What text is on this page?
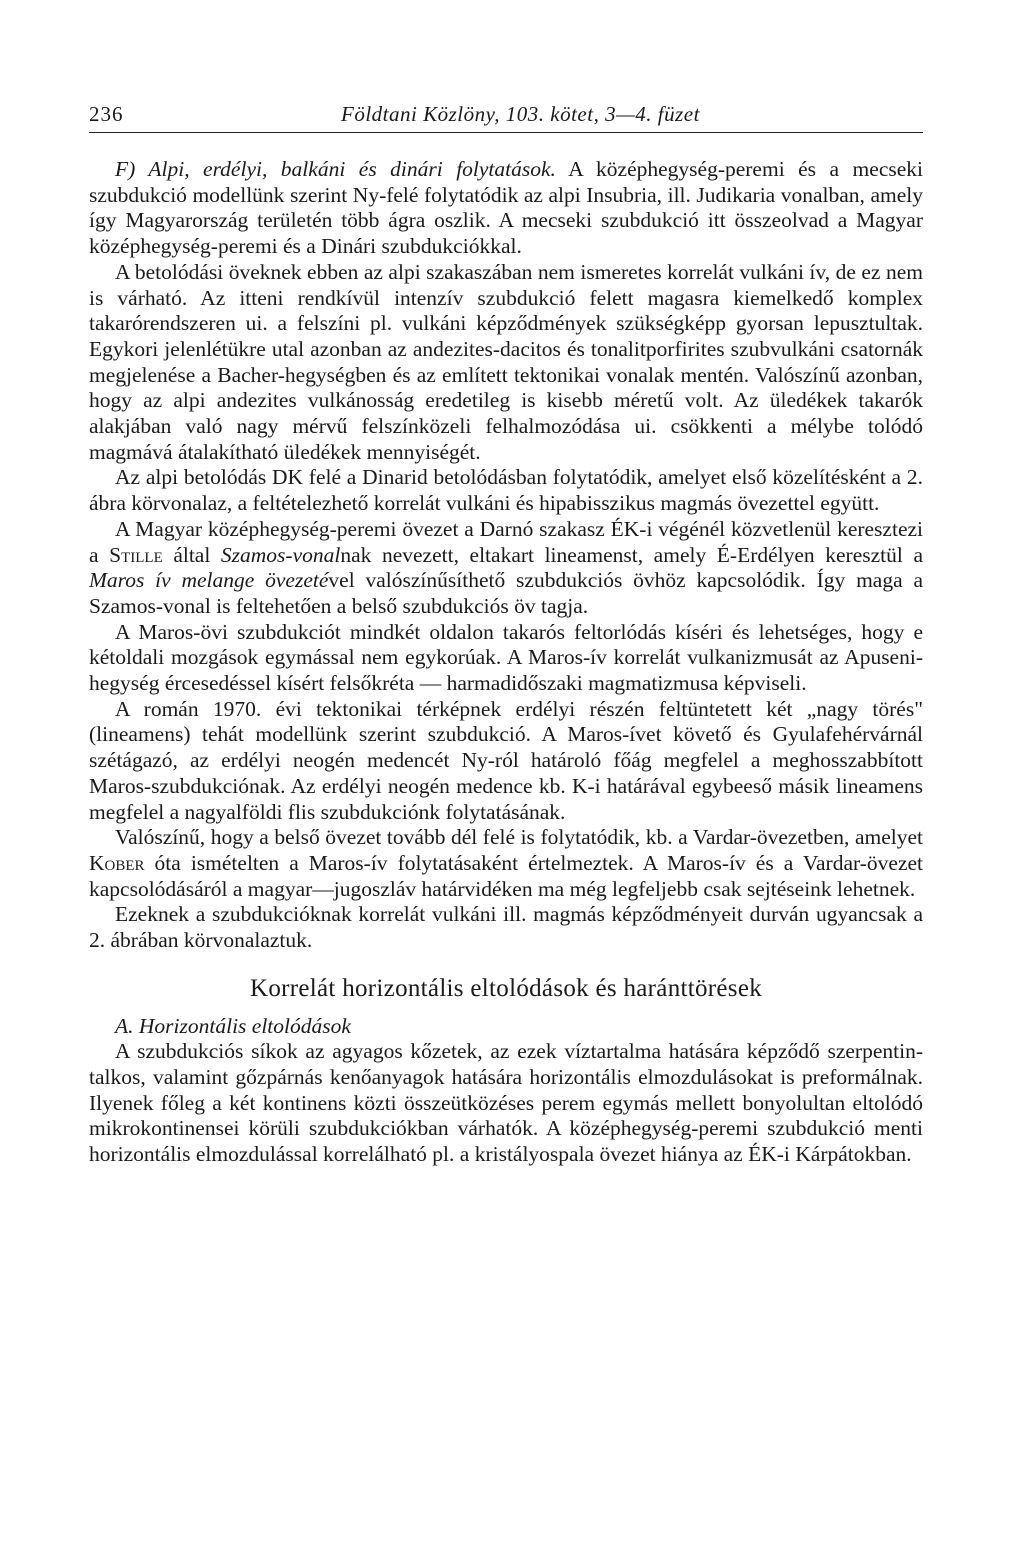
236	Földtani Közlöny, 103. kötet, 3—4. füzet

F) Alpi, erdélyi, balkáni és dinári folytatások. A középhegység-peremi és a mecseki szubdukció modellünk szerint Ny-felé folytatódik az alpi Insubria, ill. Judikaria vonalban, amely így Magyarország területén több ágra oszlik. A mecseki szubdukció itt összeolvad a Magyar középhegység-peremi és a Dinári szubdukciókkal.

A betolódási öveknek ebben az alpi szakaszában nem ismeretes korrelát vulkáni ív, de ez nem is várható. Az itteni rendkívül intenzív szubdukció felett magasra kiemelkedő komplex takarórendszeren ui. a felszíni pl. vulkáni képződmények szükségképp gyorsan lepusztultak. Egykori jelenlétükre utal azonban az andezites-dacitos és tonalitporfirites szubvulkáni csatornák megjelenése a Bacher-hegységben és az említett tektonikai vonalak mentén. Valószínű azonban, hogy az alpi andezites vulkánosság eredetileg is kisebb méretű volt. Az üledékek takarók alakjában való nagy mérvű felszínközeli felhalmozódása ui. csökkenti a mélybe tolódó magmává átalakítható üledékek mennyiségét.

Az alpi betolódás DK felé a Dinarid betolódásban folytatódik, amelyet első közelítésként a 2. ábra körvonalaz, a feltételezhető korrelát vulkáni és hipabisszikus magmás övezettel együtt.

A Magyar középhegység-peremi övezet a Darnó szakasz ÉK-i végénél közvetlenül keresztezi a Stille által Szamos-vonalnak nevezett, eltakart lineamenst, amely É-Erdélyen keresztül a Maros ív melange övezetével valószínűsíthető szubdukciós övhöz kapcsolódik. Így maga a Szamos-vonal is feltehetően a belső szubdukciós öv tagja.

A Maros-övi szubdukciót mindkét oldalon takarós feltorlódás kíséri és lehetséges, hogy e kétoldali mozgások egymással nem egykorúak. A Maros-ív korrelát vulkanizmusát az Apuseni-hegység ércesedéssel kísért felsőkréta — harmadidőszaki magmatizmusa képviseli.

A román 1970. évi tektonikai térképnek erdélyi részén feltüntetett két „nagy törés" (lineamens) tehát modellünk szerint szubdukció. A Maros-ívet követő és Gyulafehérvárnál szétágazó, az erdélyi neogén medencét Ny-ról határoló főág megfelel a meghosszabbított Maros-szubdukciónak. Az erdélyi neogén medence kb. K-i határával egybeeső másik lineamens megfelel a nagyalföldi flis szubdukciónk folytatásának.

Valószínű, hogy a belső övezet tovább dél felé is folytatódik, kb. a Vardar-övezetben, amelyet Kober óta ismételten a Maros-ív folytatásaként értelmeztek. A Maros-ív és a Vardar-övezet kapcsolódásáról a magyar—jugoszláv határvidéken ma még legfeljebb csak sejtéseink lehetnek.

Ezeknek a szubdukcióknak korrelát vulkáni ill. magmás képződményeit durván ugyancsak a 2. ábrában körvonalaztuk.

Korrelát horizontális eltolódások és haránttörések

A. Horizontális eltolódások

A szubdukciós síkok az agyagos kőzetek, az ezek víztartalma hatására képződő szerpentin-talkos, valamint gőzpárnás kenőanyagok hatására horizontális elmozdulásokat is preformálnak. Ilyenek főleg a két kontinens közti összeütközéses perem egymás mellett bonyolultan eltolódó mikrokontinensei körüli szubdukciókban várhatók. A középhegység-peremi szubdukció menti horizontális elmozdulással korrelálható pl. a kristályospala övezet hiánya az ÉK-i Kárpátokban.
